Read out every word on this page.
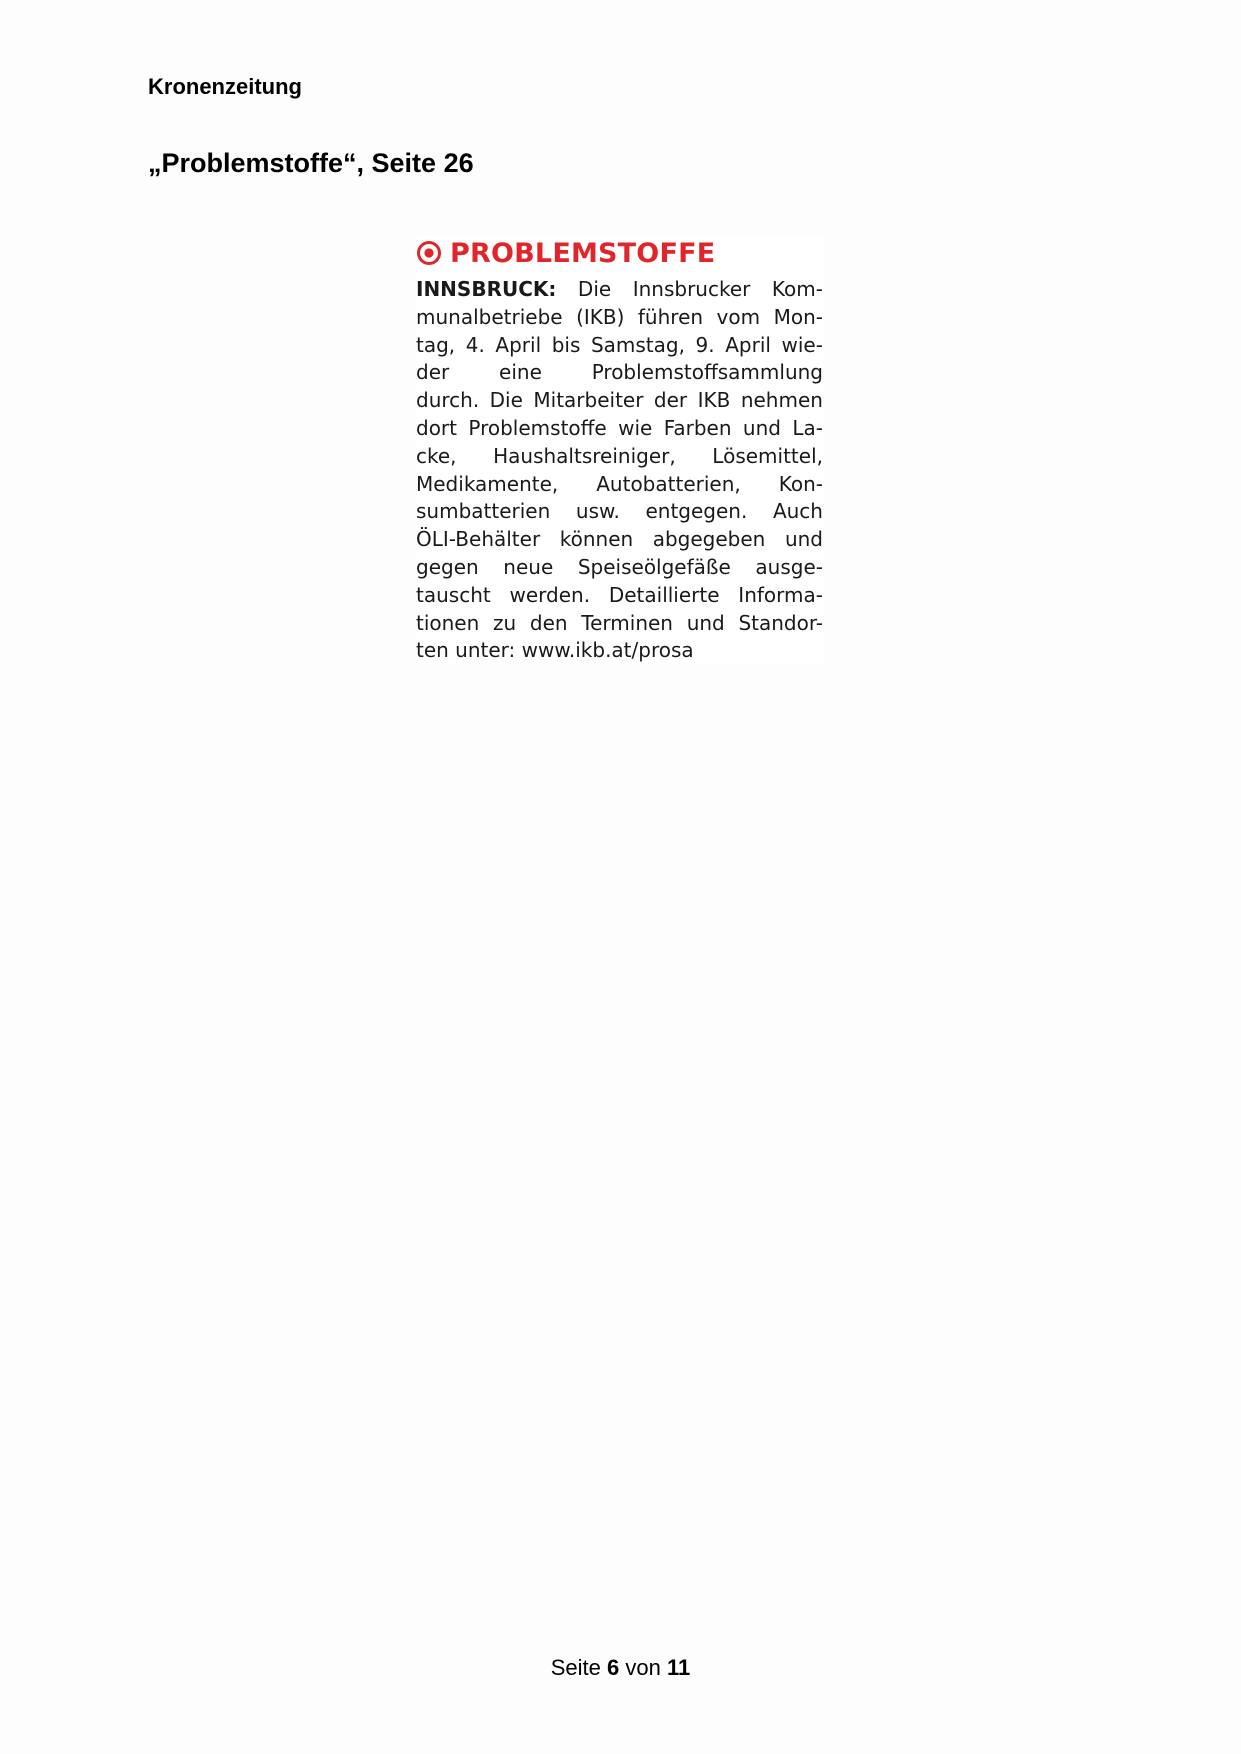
Kronenzeitung
„Problemstoffe“, Seite 26
PROBLEMSTOFFE
INNSBRUCK: Die Innsbrucker Kom-
munalbetriebe (IKB) führen vom Mon-
tag, 4. April bis Samstag, 9. April wie-
der eine Problemstoffsammlung
durch. Die Mitarbeiter der IKB nehmen
dort Problemstoffe wie Farben und La-
cke, Haushaltsreiniger, Lösemittel,
Medikamente, Autobatterien, Kon-
sumbatterien usw. entgegen. Auch
ÖLI-Behälter können abgegeben und
gegen neue Speiseölgefäße ausge-
tauscht werden. Detaillierte Informa-
tionen zu den Terminen und Standor-
ten unter: www.ikb.at/prosa
Seite 6 von 11
